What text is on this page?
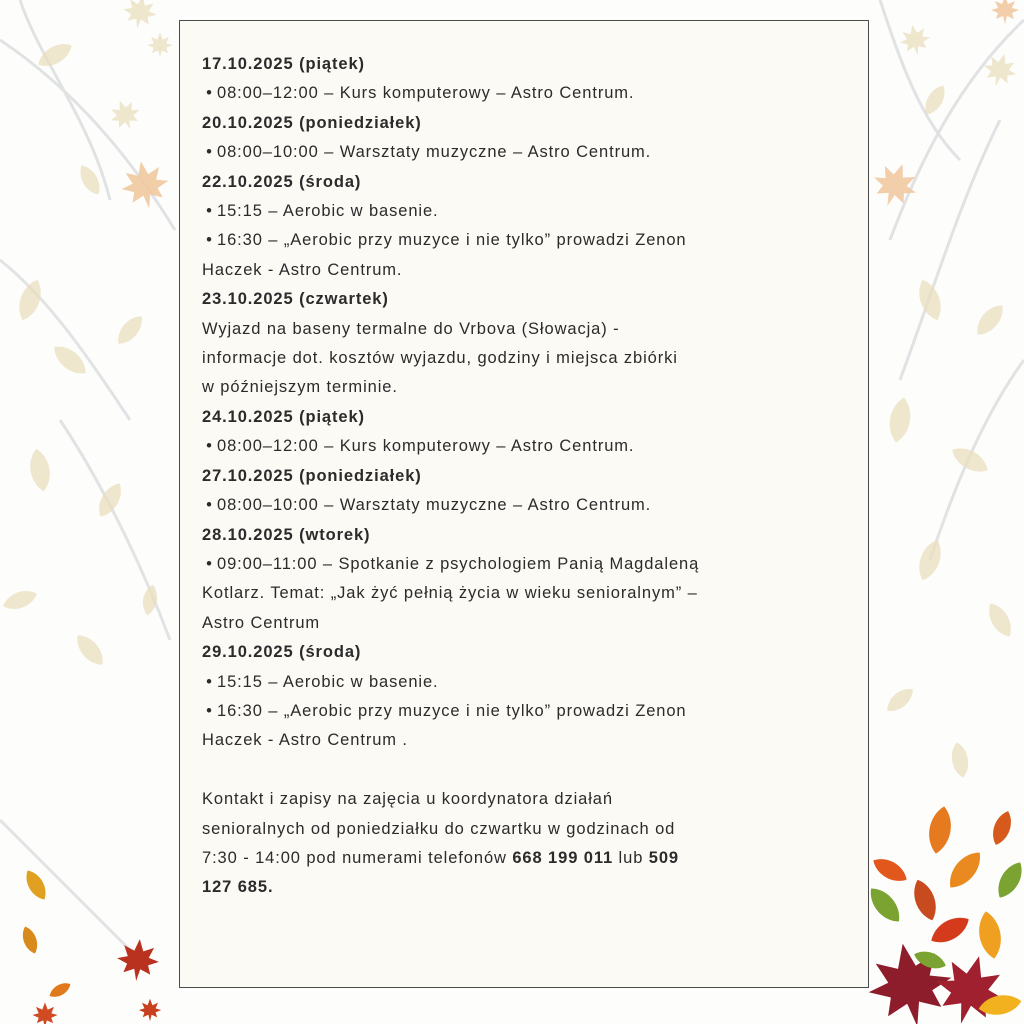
17.10.2025 (piątek)

• 08:00–12:00 – Kurs komputerowy – Astro Centrum.

20.10.2025 (poniedziałek)

• 08:00–10:00 – Warsztaty muzyczne – Astro Centrum.

22.10.2025 (środa)

• 15:15 – Aerobic w basenie.

• 16:30 – „Aerobic przy muzyce i nie tylko” prowadzi Zenon

Haczek - Astro Centrum.

23.10.2025 (czwartek)

Wyjazd na baseny termalne do Vrbova (Słowacja) -

informacje dot. kosztów wyjazdu, godziny i miejsca zbiórki

w późniejszym terminie.

24.10.2025 (piątek)

• 08:00–12:00 – Kurs komputerowy – Astro Centrum.

27.10.2025 (poniedziałek)

• 08:00–10:00 – Warsztaty muzyczne – Astro Centrum.

28.10.2025 (wtorek)

• 09:00–11:00 – Spotkanie z psychologiem Panią Magdaleną

Kotlarz. Temat: „Jak żyć pełnią życia w wieku senioralnym” –

Astro Centrum

29.10.2025 (środa)

• 15:15 – Aerobic w basenie.

• 16:30 – „Aerobic przy muzyce i nie tylko” prowadzi Zenon

Haczek - Astro Centrum .

Kontakt i zapisy na zajęcia u koordynatora działań

senioralnych od poniedziałku do czwartku w godzinach od

7:30 - 14:00 pod numerami telefonów 668 199 011 lub 509

127 685.
